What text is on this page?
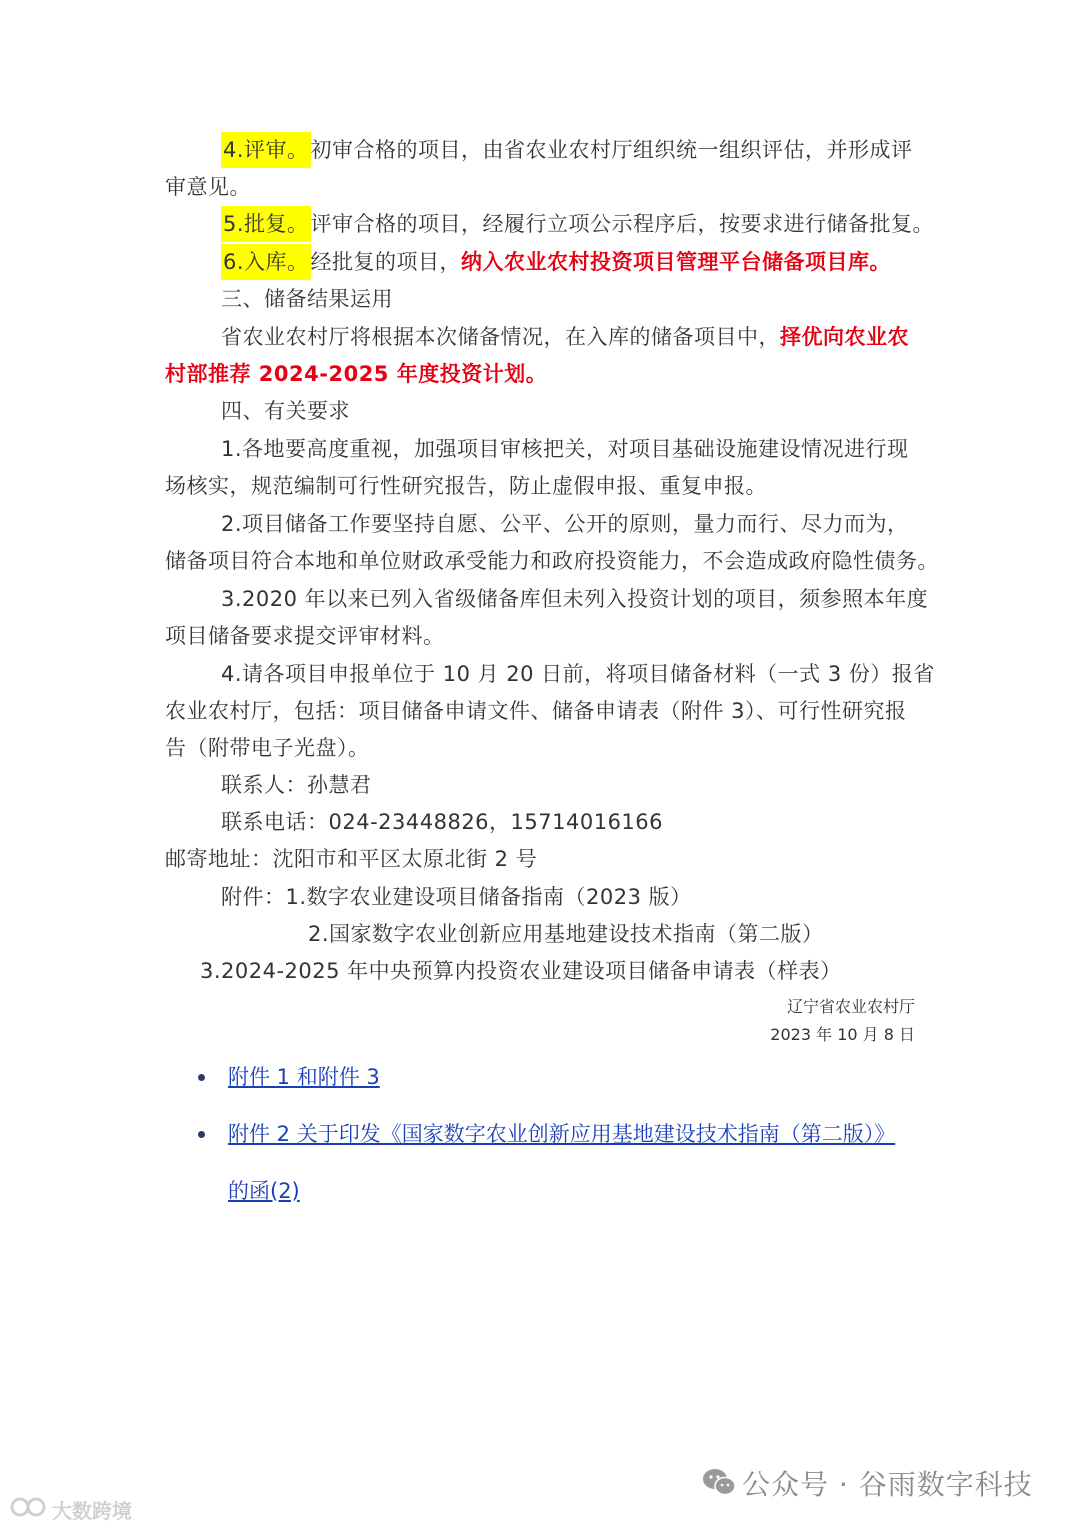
4.评审。初审合格的项目，由省农业农村厅组织统一组织评估，并形成评
审意见。
5.批复。评审合格的项目，经履行立项公示程序后，按要求进行储备批复。
6.入库。经批复的项目，纳入农业农村投资项目管理平台储备项目库。
三、储备结果运用
省农业农村厅将根据本次储备情况，在入库的储备项目中，择优向农业农
村部推荐 2024-2025 年度投资计划。
四、有关要求
1.各地要高度重视，加强项目审核把关，对项目基础设施建设情况进行现
场核实，规范编制可行性研究报告，防止虚假申报、重复申报。
2.项目储备工作要坚持自愿、公平、公开的原则，量力而行、尽力而为，
储备项目符合本地和单位财政承受能力和政府投资能力，不会造成政府隐性债务。
3.2020 年以来已列入省级储备库但未列入投资计划的项目，须参照本年度
项目储备要求提交评审材料。
4.请各项目申报单位于 10 月 20 日前，将项目储备材料（一式 3 份）报省
农业农村厅，包括：项目储备申请文件、储备申请表（附件 3）、可行性研究报
告（附带电子光盘）。
联系人：孙慧君
联系电话：024-23448826，15714016166
邮寄地址：沈阳市和平区太原北街 2 号
附件：1.数字农业建设项目储备指南（2023 版）
2.国家数字农业创新应用基地建设技术指南（第二版）
3.2024-2025 年中央预算内投资农业建设项目储备申请表（样表）
辽宁省农业农村厅
2023 年 10 月 8 日
附件 1 和附件 3
附件 2 关于印发《国家数字农业创新应用基地建设技术指南（第二版）》
的函(2)
公众号 · 谷雨数字科技
大数跨境
